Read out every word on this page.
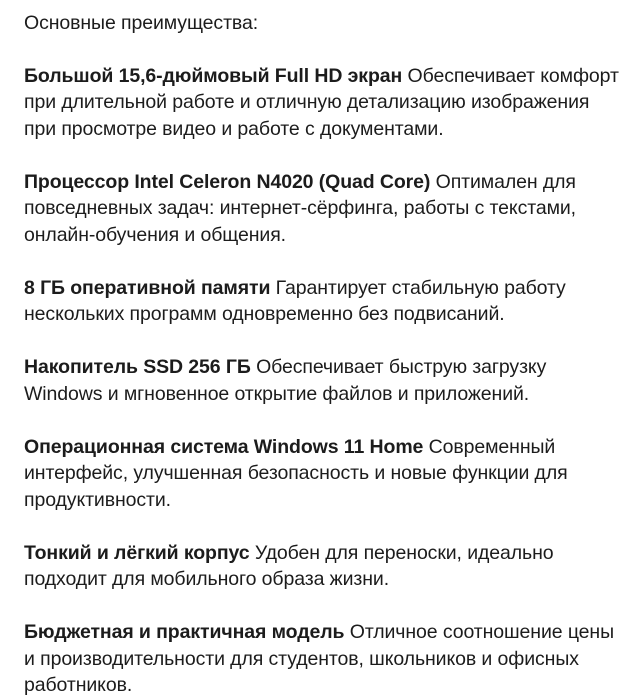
Основные преимущества:

Большой 15,6-дюймовый Full HD экран Обеспечивает комфорт при длительной работе и отличную детализацию изображения при просмотре видео и работе с документами.

Процессор Intel Celeron N4020 (Quad Core) Оптимален для повседневных задач: интернет-сёрфинга, работы с текстами, онлайн-обучения и общения.

8 ГБ оперативной памяти Гарантирует стабильную работу нескольких программ одновременно без подвисаний.

Накопитель SSD 256 ГБ Обеспечивает быструю загрузку Windows и мгновенное открытие файлов и приложений.

Операционная система Windows 11 Home Современный интерфейс, улучшенная безопасность и новые функции для продуктивности.

Тонкий и лёгкий корпус Удобен для переноски, идеально подходит для мобильного образа жизни.

Бюджетная и практичная модель Отличное соотношение цены и производительности для студентов, школьников и офисных работников.
